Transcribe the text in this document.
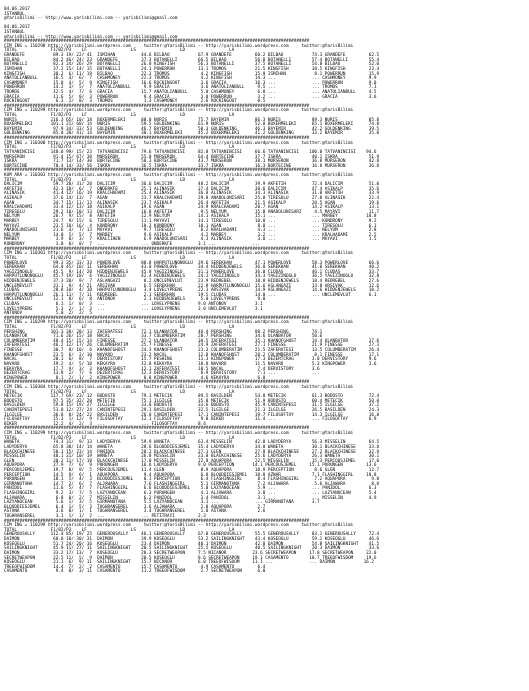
04.06.2017
ISTANBUL
@YarisBilimi -- http://www.yarisbilimi.com -- yarisbilimi@gmail.com
04.06.2017
ISTANBUL
@YarisBilimi -- http://www.yarisbilimi.com -- yarisbilimi@gmail.com
######################################################################################################################
CIM ING = 110298 http://yarisbilimi.wordpress.com     twitter:@YarisBilimi -- http://yarisbilimi.wordpress.com     twitter:@YarisBilimi
TOTAL             F1/B2/P3    LF                 LS                 LD                 LA
GRANDEFE           89.3 19/ 22/ 41  ISMIHAN          44.6 BILBAO           67.9 GRANDEFE         60.2 BILBAO           74.3 GRANDEFE         62.5
BILBAO             84.2 46/ 24/ 23  GRANDEFE         37.3 BOTANELLI        66.5 BILBAO           56.8 BOTANELLI        57.4 BOTANELLI        55.4
BOTANELLI          82.3 24/ 26/ 29  BOTANELLI        26.0 KINGFISH         56.3 BOTANELLI        37.5 BOTANELLI        54.8 BILBAO           52.0
ISMIHAN            37.2 15/ 14/ 15  BOTANELLI        24.1 POWERRUN         13.1 TROMOS           21.5 KINGFISH         38.5 KINGFISH         23.4
KINGFISH           30.2  6/ 11/ 19  BILBAO           22.3 TROMOS            4.2 KINGFISH         15.9 ISMIHAN           8.1 POWERRUN         15.9
ANATOLIANBULL      16.5  4/  6/  7  CASHMONEY        22.3 TROMOS            4.2 KINGFISH         14.3 ...              ... CASHMONEY         9.9
CASHMONEY          15.0  4/  5/  9  KINGFISH         16.6 ROCKINGOUT        3.6 GRACIA           10.3 ...              ... POWERRUN          9.0
POWERRUN           14.2  3/  5/  7  ANATOLIANBULL     9.9 GRACIA            3.6 ANATOLIANBULL     9.5 ...              ... TROMOS            7.1
TROMOS             12.5  4/  7/  6  GRACIA           15.7 ANATOLIANBULL     5.0 CASHMONEY         6.8 ...              ... ANATOLIANBULL     4.5
GRACIA             11.6  5/  0/  3  POWERRUN          9.4 GRACIA            3.0 POWERRUN          3.2 ...              ... GRACIA            3.6
ROCKINGOUT          6.3  1/  0/  3  TROMOS            1.3 CASHMONEY         2.6 ROCKINGOUT        0.5
######################################################################################################################
CIM ING = 110299 http://yarisbilimi.wordpress.com     twitter:@YarisBilimi -- http://yarisbilimi.wordpress.com     twitter:@YarisBilimi
TOTAL             F1/B2/P3    LF                 LS                 LD                 LA
NURIS             116.3 65/ 10/ 18  BOXERMELEKI      80.0 NURIS            75.7 BAYEMIR          86.3 NURIS            89.3 NURIS            85.8
BOXERMELEKI       101.1 21/ 60/ 14  NURIS            59.5 GOLDENKING       61.9 NURIS            52.8 BOXERMELEKI      65.1 BOXERMELEKI      74.8
BAYEMIR            97.9 34/ 33/ 53  GOLDENKING       46.7 BAYEMIR          50.3 GOLDENKING       46.3 BAYEMIR          42.2 GOLDENKING       39.5
GOLDENKING         85.0 20/ 41/ 14  BAYEMIR          30.1 BOXERMELEKI      45.2 BOXERMELEKI      41.2 GOLDENKING       33.2 BAYEMIR          35.0
######################################################################################################################
CIM ING = 110300 http://yarisbilimi.wordpress.com     twitter:@YarisBilimi -- http://yarisbilimi.wordpress.com     twitter:@YarisBilimi
TOTAL             F1/B2/P3    LF                 LS                 LD                 LA
TATVANINCISI      148.0 99/ 15/ 23  TATVANINCISI     79.6 TATVANINCISI     82.8 TATVANINCISI     66.6 TATVANINCISI    100.0 TATVANINCISI    94.6
MURSERON           91.4 15/ 67/ 38  MURSERON         55.0 MURSERON         64.4 BORTECINE        37.7 ISKRA            40.1 ISKRA            51.9
ISKRA              71.7 13/ 14/ 30  BORTECINE        50.3 BORTECINE        43.7 MURSERON         38.1 MURSERON         36.8 MURSERON         42.8
BORTECINE          78.4 14/ 33/ 56  ISKRA            36.5 ISKRA            33.7 ISKRA            16.3 BORTECINE        16.8 MURSERON         36.8
######################################################################################################################
KUM ARA = 110303 http://yarisbilimi.wordpress.com     twitter:@YarisBilimi -- http://yarisbilimi.wordpress.com     twitter:@YarisBilimi
TOTAL             F1/B2/P3    LF                 LS                 LD                 LA
DALICIM            59.7 20/ 31/ 20  DALICIM          36.6 DALICIM          48.2 DALICIM          39.9 AKFETIH          72.4 DALICIM          51.0
AKFETIH            42.3 18/  6/  7  ONDERKFE         25.1 ALINASIK         37.4 DALICIM          38.6 DALICIM          47.4 ASIKALP          35.6
ALINASIK           41.4 12/ 16/ 19  KRALCHADAMI      25.4 ALINASIK         36.0 ALINASIK         34.3 ALINASIK         31.0 AKFETIH          33.9
ASIKALP            37.6 14/ 13/  7  AGAN             23.7 KRALCHADAMI      29.8 ANADOLUNISARI    25.8 TIRESOLU         27.8 ALINASIK         22.4
AGAN               34.7 15/ 11/ 13  ALINASIK         23.7 ASIKALP          26.4 AKFETIH          21.5 ASIKALP          20.5 AGAN             19.6
KRALCHADAMI        33.4 12/ 13/ 18  ASIKALP          19.6 AGAN             24.9 KRALCHADAMI      20.7 AGAN             14.2 ASIKALP          13.1
TIRESOLU           29.2 10/ 10/ 13  DALICIM          16.8 AKFETIH           9.5 NELYUM           15.8 ANADOLUNISARI     4.5 MAYAVI           11.7
NELYUM             26.7  9/ 15/  8  AKFETIH          12.9 NELYUM           14.1 ASIKALP          15.1 ...              ... MARBEY           10.8
MARBEY             24.7  9/ 15/  6  TIRESOLU         11.1 MAYAVI           14.1 TIRESOLU         10.0 ...              ... KONDRONY          9.2
MAYAVI             23.5 10/ 16/  4  KONDRONY         10.3 KONDRONY         10.1 AGAN              8.8 ...              ... TIRESOLU          6.1
ANADOLUNISARI      21.6  4/  7/ 13  MAYAVI            9.7 TIRESOLU          8.2 KRALHADAMI        4.3 ...              ... NELYUM            2.8
NELYUM             14.0  5/  5/  7  MARBEY            9.6 ASIKALP           4.2 MARBEY            3.2 ...              ... KRALHADAMI        2.5
MARBEY              3.9  0/  3/  7  KRALCIHEN         6.9 ANADOLUNISARI     4.3 ALINASIK          3.0 ...              ... MAYAVI            1.5
KONDRONY            3.8  0/  0/  7  ...              ... ONDERKFE          3.1 ...              ...
######################################################################################################################
CIM ING = 110301 http://yarisbilimi.wordpress.com     twitter:@YarisBilimi -- http://yarisbilimi.wordpress.com     twitter:@YarisBilimi
TOTAL             F1/B2/P3    LF                 LS                 LD                 LA
POWERLOVE          99.3 35/ 33/ 33  POWERLOVE        88.8 HARPUTLUNONOGLU  39.6 SEREKHAN         47.1 POWERLOVE        58.3 POWERLOVE        66.6
SEREKHAN           64.0 45/ 10/ 11  SEREKHAN         43.0 POWERLOVE        34.4 HIDDENJEWELS     36.0 SEREKHAN         41.0 SEREKHAN         40.2
YAGIZINOGLU        45.5  9/ 14/ 20  HIDDENJEWELS     45.0 YAGIZINOGLU      31.1 POWERLOVE        36.0 CLUDAS           46.1 CLUDAS           33.7
HARPUTLUNONOGLU    45.7 19/ 10/  6  YAGIZINOGLU      42.4 HIDDENJEWELS     24.1 YAGIZINOGLU      34.3 YAGIZINOGLU      36.5 YAGIZINOGLU      32.8
HIDDENJEWELS       37.3 20/  9/  7  ASLANGAZI         8.2 UNCLEMEVLUT      23.9 REDREBEL         18.8 HIDDENJEWELS     18.4 REDREBEL         27.6
UNCLEMEVLUT        31.1  9/  4/ 21  ARSIVAK           6.5 SEREKHAN         22.9 HARPUTLUNONOGLU  15.6 ASLANGAZI        13.8 ARSIVAK          12.6
CLUDAS             28.8 10/  4/ 10  HARPUTLUNONOGLU   3.4 LOVELYPRENS      22.3 ARSIVAK          14.9 ASLANGAZI        14.6 HIDDENJEWELS     10.2
HARPUTLUNONOGLU    26.1 13/  7/ 11  REDREBEL          2.1 SEREKHAN         19.5 CLUDAS           14.0 ...              ... UNCLEMEVLUT       6.1
UNCLEMEVLUT        12.1  0/  6/  8  ANTONOV           2.1 HIDDENJEWELS      5.0 LOVELYPRENS       9.0
CLUDAS              6.1  1/  0/  3  ...              ... LOVELYPRENS       9.0 ANTONOV           3.1
LOVELYPRENS         5.3  2/  1/  3  ...              ... LOVELYPRENS       3.0 UNCLEMEVLUT       3.1
ANTONOV             5.0  2/  2/  5
######################################################################################################################
CIM ING = 110299 http://yarisbilimi.wordpress.com     twitter:@YarisBilimi -- http://yarisbilimi.wordpress.com     twitter:@YarisBilimi
TOTAL             F1/B2/P3    LF                 LS                 LD                 LA
PERSHING          101.3 38/ 28/ 13  ZAFERATESI       72.1 ULANBATOR        46.4 PERSHING         98.2 PERSHING         74.1
ULANBATOR          71.6 26/ 15/ 18  NACAL            33.7 COLUMBERATIM     28.7 PERSHING         34.6 ULANBATOR        50.6
COLUMBERATIM       48.4 15/ 15/ 14  FINESSE          27.2 ULANBATOR        30.5 ZAFERATESI       35.1 KHANOFGHOST      14.4 ULANBATOR        37.6
ZAFERATESI         46.2 12/ 17/ 26  COLUMBERATIM     25.7 FINESSE          24.9 ZAFERATESI       27.1 FINESSE          21.9 FINESSE          27.3
FINESSE            30.7  8/ 10/  6  KHANOFGHOST      24.3 KHANOFGHOST      23.3 COLUMBERATIM     21.5 ZAFERATESI       13.5 COLUMBERATIM     26.4
KHANOFGHOST        23.5  6/  2/ 10  NAVARO           23.2 NACAL            12.8 KHANOFGHOST      20.2 COLUMBERATIM      8.1 FINESSE          17.1
NACAL              20.1  6/  8/  7  DERVISTORY       15.7 PESHING          11.3 KINGPOWER        17.3 DEZERTCRAG       3.0 DERVISTORY        9.6
NAVARO             19.2  4/  5/ 10  KEKAYRA          12.8 KEKAYRA          10.8 NAVARO           11.5 NAVARO           5.3 KINGPOWER         3.6
KEKAYRA            17.7  9/  3/  3  KHANOFGHOST      12.1 ZAFERATESI       10.5 NACAL             7.4 DERVISTORY       3.6
DEZERTCRAG         13.8  2/  7/  6  DEZERTCRAG       12.3 DERVISTORY        8.9 DERVISTORY        7.1 ...              ...
KINGPOWER           8.1  2/  1/  2  KINGPOWER         8.8 KINGPOWER         4.6 KEKAYRA           6.8
######################################################################################################################
CIM ING = 110304 http://yarisbilimi.wordpress.com     twitter:@YarisBilimi -- http://yarisbilimi.wordpress.com     twitter:@YarisBilimi
TOTAL             F1/B2/P3    LF                 LS                 LD                 LA
METECIK           117.7 69/ 23/ 12  BODOSTO          79.1 METECIK          89.5 BASILDEN         54.0 METECIK          61.3 BODOSTO          72.4
BODOSTO            97.5 35/ 32/ 20  METECIK          75.1 ILGILGE          35.8 METECIK          51.9 BODOSTO          60.4 METECIK          50.0
BASILDEN           59.8 15/ 19/ 27  ILGILGE          33.8 BODOSTO          33.6 BODOSTO          45.9 CANINTEPESI      31.5 ILGILGE          37.2
CANINTEPESI        53.0 12/ 27/ 24  CANINTEPESI      29.1 BASILDEN         32.5 ILGILGE          21.3 ILGILGE          26.5 BASILDEN         24.3
ILGILGE            36.8  8/ 24/ 22  BASILDEN         26.0 CANINTEPESI      17.1 CANINTEPESI      19.7 FILOSOFTAY       14.3 ILGILGE          16.8
FILOSOFTAY         15.3  1/ 12/  9  FILOSOFTAY       12.1 FILOSOFTAY        9.0 BIKER            11.4 ...              ... FILOSOFTAY        6.9
BIKER              12.2  4/  2/  3  ...              ... FILOSOFTAY        8.4
######################################################################################################################
CIM ING = 110299 http://yarisbilimi.wordpress.com     twitter:@YarisBilimi -- http://yarisbilimi.wordpress.com     twitter:@YarisBilimi
TOTAL             F1/B2/P3    LF                 LS                 LD                 LA
WANETA             74.3 31/  9/ 13  LADYDERYA        59.9 WANETA           63.4 MISSELIN         42.8 LADYDERYA        56.3 MISSELIN         64.5
LADYDERYA          65.8 30/ 14/ 14  WANETA           28.6 BLOODDIESJEMEL   35.4 LADYDERYA        34.0 WANETA           30.1 BLACKCHINESE     33.8
BLACKCHINESE       50.1 15/ 23/ 14  PANIDOL          28.2 BLACKCHINESE     27.1 GLEN             27.8 BLACKCHINESE     27.2 BLACKCHINESE     32.9
MISSELIN           48.1 21/ 10/ 19  WANETA           26.8 MISSELIN         23.8 BLACKCHINESE     25.6 LADYDERYA        26.3 WANETA           30.1
GLEN               30.2 11/ 17/ 18  BLACKCHINESE     17.0 MISSELIN         22.8 AQUAPORA         22.5 MISSELIN         15.3 PERCOUSJEMEL     17.0
AQUAPORA           27.9  7/  6/  9  PURUNGEN         16.6 LADYDERYA        9.0 PERCEPTION       14.1 PERCOUSJEMEL     15.1 PURUNGEN         13.6
PERCOUSJEMEL       19.7  8/  9/  5  PERCOUSJEMEL     11.4 GLEN              8.9 AQUAPORA         10.9 PERCEPTION        8.6 GLEN             12.7
PERCEPTION         14.5  9/  6/  1  AQUAPORA          9.4 AQUAPORA          6.8 BLOODDIESJEMEL   10.8 AZNAR            7.1 FLASHINGGIRL     10.8
PURUNGEN           10.1  5/  4/  3  BLOODDIESJEMEL    8.1 PERCEPTION        6.4 FLASHINGGIRL      8.4 FLASHINGGIRL      7.2 AQUAPORA          9.8
GIRMANOTANA        14.7  2/  6/  7  ALJAWARA          7.6 FLASHINGGIRL      5.1 GIRMANOTANA       7.2 ALJAWARA          5.6 ALJAWARA          8.0
PANIDOL            11.6  5/  4/  7  FLASHINGGIRL      6.6 BLOODDIESJEMEL    5.0 LAZYANOCEAN       5.9 ...              ... PANIDOL           6.3
FLASHINGGIRL        9.2  3/  7/  5  LAZYANOCEAN       6.3 PURUNGEN          4.1 ALJAWARA          3.0 ...              ... LAZYANOCEAN       5.4
ALJAWARA            6.8  0/  2/  7  MISSELIN          6.2 PANIDOL           3.4 PANIDOL           3.1 ...              ... MISSELIN          4.9
LAZYANOCEAN         5.6  1/  3/  5  GIRMANOTANA       5.5 LAZYANOCEAN       3.1 ...              ... GIRMANOTANA       3.7
BLOODDIESJEMEL      6.4  1/  5/  3  TUGHRANSEREL      3.6 ALJAWARA          2.0 AQUAPORA          2.7
ASTANA              3.6  0/  1/  1  TUGHRANSEREL      3.4 TUGHRANSEREL      1.0 ASTANA            2.6
TUGHRANSEREL        3.1  1/  1/  2  ...              ... PETITRAYI         2.3
######################################################################################################################
CIM ING = 110299 http://yarisbilimi.wordpress.com     twitter:@YarisBilimi -- http://yarisbilimi.wordpress.com     twitter:@YarisBilimi
TOTAL             F1/B2/P3    LF                 LS                 LD                 LA
GENEROUSALLY      112.4 85/ 19/ 25  GENEROUSALLY     46.1 GENEROUSALLY     67.0 GENEROUSALLY     55.5 GENEROUSALLY     83.1 GENEROUSALLY     72.4
DAIMON             60.0 10/ 30/ 31  DAIMON           39.9 KOSEOGLU         53.2 SAILINGKNIGHT    43.4 KOSEOGLU         59.1 KOSEOGLU         46.6
KOSEOGLU           51.7 24/ 20/ 16  KOSEOGLU         23.4 DAIMON           40.1 DAIMON           42.0 DAIMON           54.8 SAILINGKNIGHT    41.5
SAILINGKNIGHT      45.9 11/ 27/ 11  SAILINGKNIGHT    20.5 SAILINGKNIGHT    25.5 KOSEOGLU         40.5 SAILINGKNIGHT    20.3 DAIMON           33.6
DAIMON             33.2 17/ 13/  7  KOSEOGLU         20.3 SECRETWEAPON     7.5 NICANOR          23.6 SECRETWEAPON     17.0 SECRETWEAPON     22.0
SECRETWEAPON       22.5 11/  5/  9  DAIMON           20.5 KOSEOGLU         8.6 SECRETWEAPON     19.1 CASAMENTO        10.7 TREEOFWISDOM     19.6
KOSEOGLU           21.1  6/  9/ 11  SAILINGKNIGHT    15.7 NICANOR          6.0 TREEOFWISDOM     11.1 ...              ... DAIMON           16.2
TREEOFWISDOM       14.4  7/  2/  2  CASAMENTO        15.7 CASAMENTO         4.9 CASAMENTO         6.4
CASAMENTO           9.4  0/  3/ 11  CASAMENTO        11.2 TREEOFWISDOM      2.7 SECRETWEAPON      6.0
